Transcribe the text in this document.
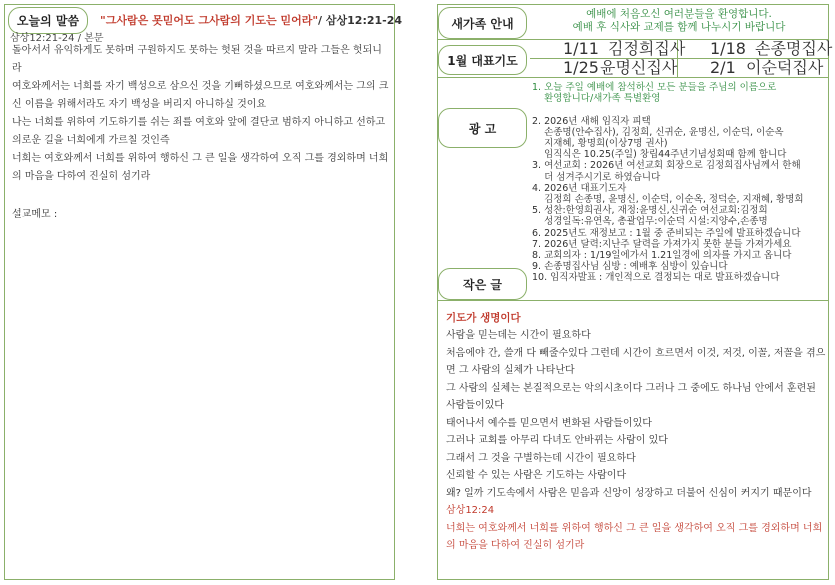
오늘의 말씀	"그사람은 못믿어도 그사람의 기도는 믿어라"/ 삼상12:21-24
삼상12:21-24 / 본문

돌아서서 유익하게도 못하며 구원하지도 못하는 헛된 것을 따르지 말라 그들은 헛되니라

여호와께서는 너희를 자기 백성으로 삼으신 것을 기뻐하셨으므로 여호와께서는 그의 크신 이름을 위해서라도 자기 백성을 버리지 아니하실 것이요

나는 너희를 위하여 기도하기를 쉬는 죄를 여호와 앞에 결단코 범하지 아니하고 선하고 의로운 길을 너희에게 가르칠 것인즉

너희는 여호와께서 너희를 위하여 행하신 그 큰 일을 생각하여 오직 그를 경외하며 너희의 마음을 다하여 진실히 섬기라

설교메모 :
새가족 안내
예배에 처음오신 여러분들을 환영합니다.
예배 후 식사와 교제를 함께 나누시기 바랍니다
1월 대표기도
1/11 김정희집사 1/18 손종명집사
1/25 윤명신집사 2/1 이순덕집사
광 고
1. 오늘 주일 예배에 참석하신 모든 분들을 주님의 이름으로
환영합니다/새가족 특별환영

2. 2026년 새해 임직자 피택
손종명(안수집사), 김정희, 신귀순, 윤명신, 이순덕, 이순옥
지재혜, 황명희(이상7명 권사)
임직식은 10.25(주일) 창립44주년기념성회때 함께 합니다
3. 여선교회 : 2026년 여선교회 회장으로 김정희집사님께서 한해
더 섬겨주시기로 하였습니다
4. 2026년 대표기도자
김정희 손종명, 윤명신, 이순덕, 이순옥, 정덕순, 지재혜, 황명희
5. 성찬:한영희권사, 재정:윤명신,신귀순 여선교회:김정희
성경일독:유연옥, 총괄업무:이순덕 시설:지양수,손종명
6. 2025년도 재정보고 : 1월 중 준비되는 주일에 발표하겠습니다
7. 2026년 달력:지난주 달력을 가져가지 못한 분들 가져가세요
8. 교회의자 : 1/19일에가서 1.21일경에 의자를 가지고 옵니다
9. 손종명집사님 심방 : 예배후 심방이 있습니다
10. 임직자발표 : 개인적으로 결정되는 대로 발표하겠습니다
작은 글
기도가 생명이다

사람을 믿는데는 시간이 필요하다

처음에야 간, 쓸개 다 빼줄수있다 그런데 시간이 흐르면서 이것, 저것, 이꼴, 저꼴을 겪으면 그 사람의 실체가 나타난다

그 사람의 실체는 본질적으로는 악의시초이다 그러나 그 중에도 하나님 안에서 훈련된 사람들이있다

태어나서 예수를 믿으면서 변화된 사람들이있다

그러나 교회를 아무리 다녀도 안바뀌는 사람이 있다

그래서 그 것을 구별하는데 시간이 필요하다

신뢰할 수 있는 사람은 기도하는 사람이다

왜? 일까 기도속에서 사람은 믿음과 신앙이 성장하고 더불어 신심이 커지기 때문이다

삼상12:24

너희는 여호와께서 너희를 위하여 행하신 그 큰 일을 생각하여 오직 그를 경외하며 너희의 마음을 다하여 진실히 섬기라
